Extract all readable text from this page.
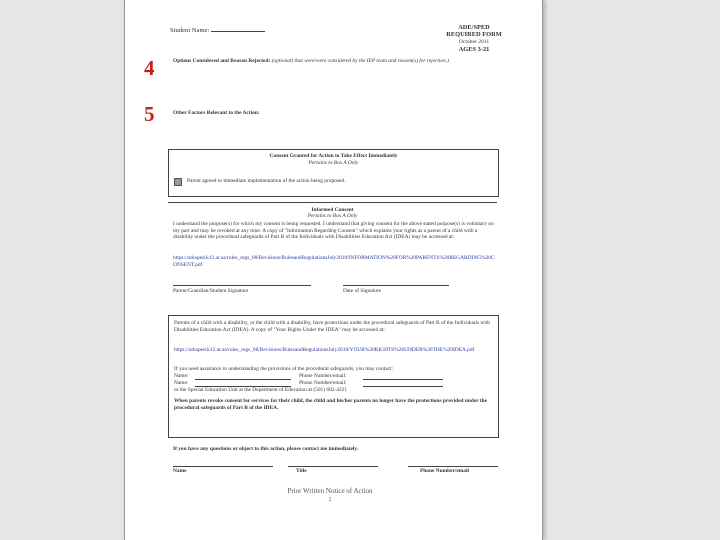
Student Name:	ADE/SPED
REQUIRED FORM
October 2011
AGES 3-21
4
5
Options Considered and Reason Rejected: (optional) that were/were considered by the IEP team and reason(s) for rejection.)
Other Factors Relevant to the Action:
Consent Granted for Action to Take Effect Immediately
Pertains to Box A Only
Parent agreed to immediate implementation of the action being proposed.
Informed Consent
Pertains to Box A Only
I understand the purpose(s) for which my consent is being requested. I understand that giving consent for the above stated purpose(s) is voluntary on my part and may be revoked at any time. A copy of "Information Regarding Consent" which explains your rights as a parent of a child with a disability under the procedural safeguards of Part B of the Individuals with Disabilities Education Act (IDEA) may be accessed at:
https://arksped.k12.ar.us/rules_regs_08/Revisions/RulesandRegulationsJuly2010/INFORMATION%20FOR%20PARENTS%20REGARDING%20CONSENT.pdf
Parent/Guardian/Student Signature	Date of Signature
Parents of a child with a disability, or the child with a disability, have protections under the procedural safeguards of Part B of the Individuals with Disabilities Education Act (IDEA). A copy of "Your Rights Under the IDEA" may be accessed at:
https://arksped.k12.ar.us/rules_regs_08/Revisions/RulesandRegulationsJuly2010/YOUR%20RIGHTS%20UNDER%20THE%20IDEA.pdf
If you need assistance in understanding the provisions of the procedural safeguards, you may contact:
Name:	Phone Number/email:
Name:	Phone Number/email:
or the Special Education Unit at the Department of Education at (501) 682-4221
When parents revoke consent for services for their child, the child and his/her parents no longer have the protections provided under the procedural safeguards of Part B of the IDEA.
If you have any questions or object to this action, please contact me immediately.
Name	Title	Phone Number/email
Prior Written Notice of Action
2
